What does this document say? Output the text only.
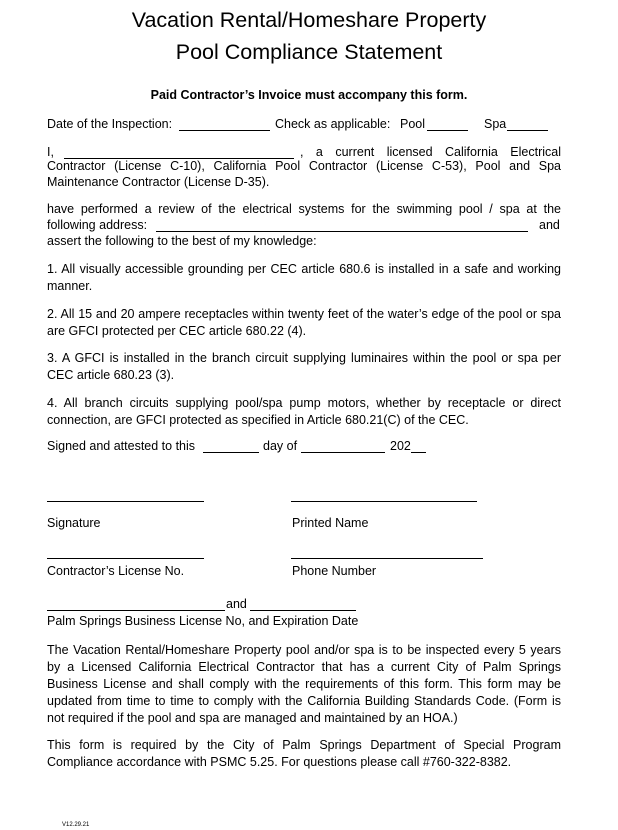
Vacation Rental/Homeshare Property
Pool Compliance Statement
Paid Contractor’s Invoice must accompany this form.
Date of the Inspection:	Check as applicable: Pool	Spa
I,	, a current licensed California Electrical
Contractor (License C-10), California Pool Contractor (License C-53), Pool and Spa
Maintenance Contractor (License D-35).
have performed a review of the electrical systems for the swimming pool / spa at the
following address:	and
assert the following to the best of my knowledge:
1. All visually accessible grounding per CEC article 680.6 is installed in a safe and working manner.
2. All 15 and 20 ampere receptacles within twenty feet of the water’s edge of the pool or spa are GFCI protected per CEC article 680.22 (4).
3. A GFCI is installed in the branch circuit supplying luminaires within the pool or spa per CEC article 680.23 (3).
4. All branch circuits supplying pool/spa pump motors, whether by receptacle or direct connection, are GFCI protected as specified in Article 680.21(C) of the CEC.
Signed and attested to this	day of	202
Signature	Printed Name
Contractor’s License No.	Phone Number
and
Palm Springs Business License No, and Expiration Date
The Vacation Rental/Homeshare Property pool and/or spa is to be inspected every 5 years by a Licensed California Electrical Contractor that has a current City of Palm Springs Business License and shall comply with the requirements of this form. This form may be updated from time to time to comply with the California Building Standards Code. (Form is not required if the pool and spa are managed and maintained by an HOA.)
This form is required by the City of Palm Springs Department of Special Program Compliance accordance with PSMC 5.25. For questions please call #760-322-8382.
V12.29.21
